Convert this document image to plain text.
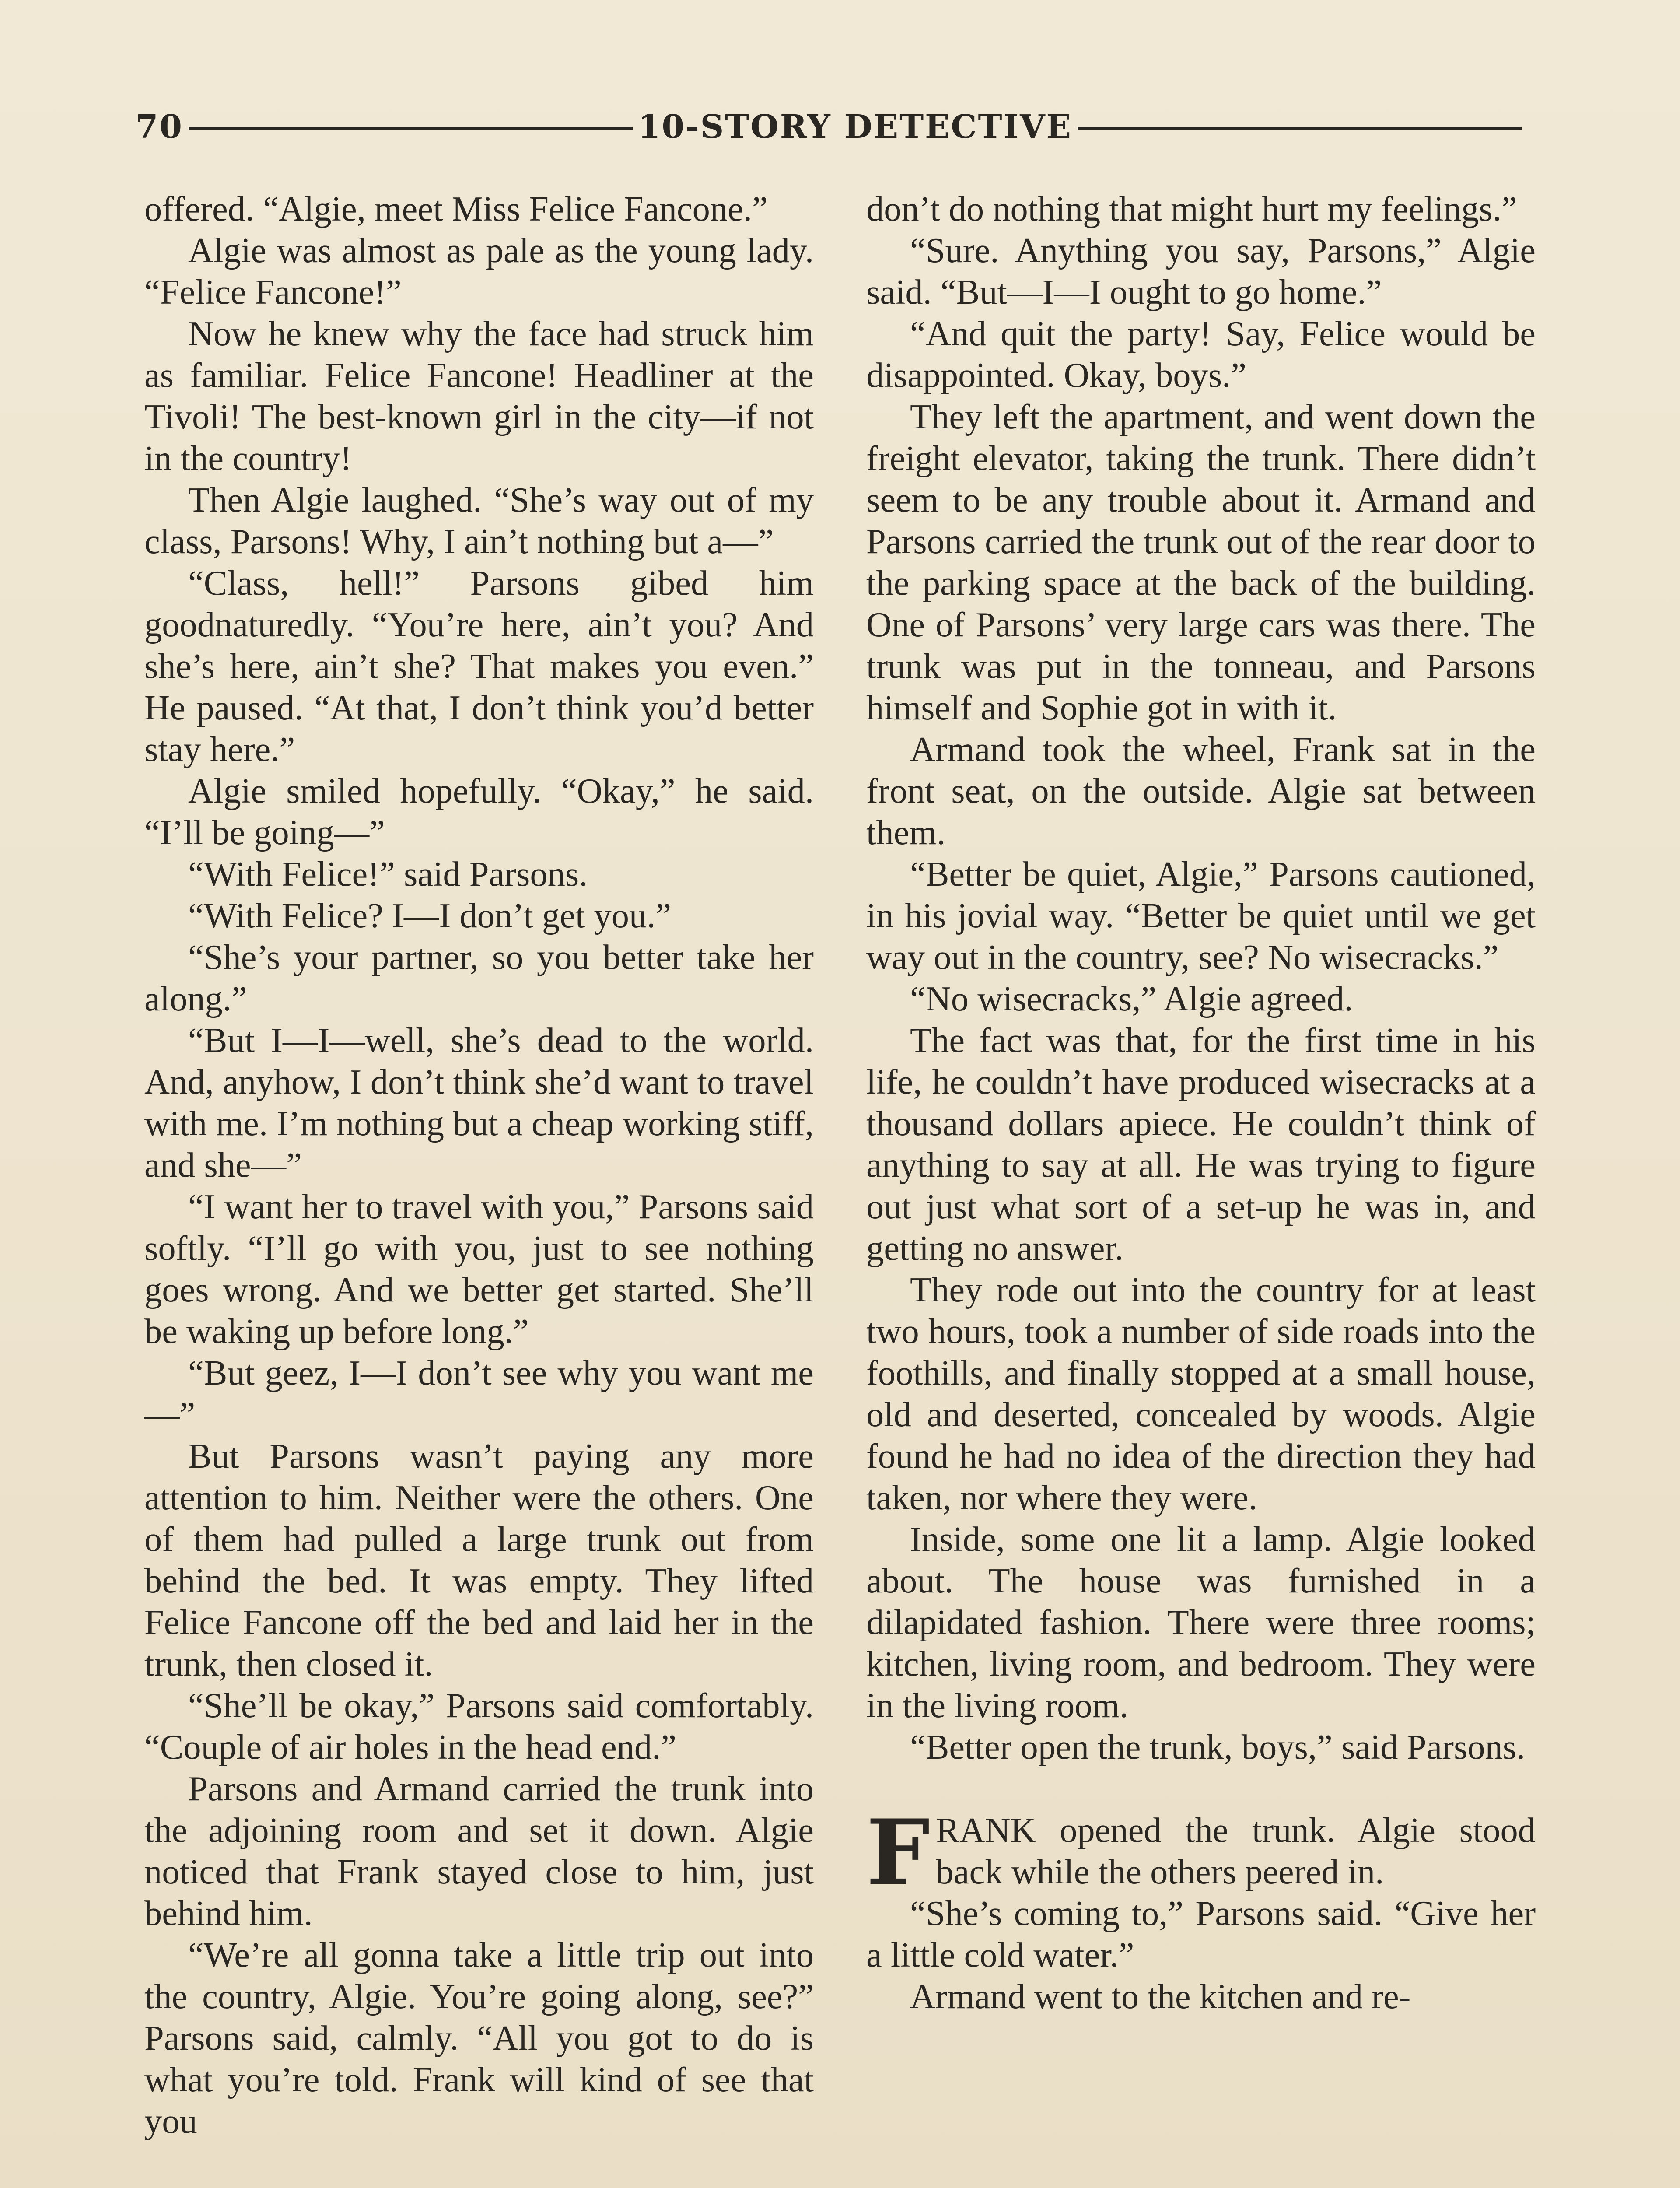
70	10-STORY DETECTIVE

offered. “Algie, meet Miss Felice Fancone.”

Algie was almost as pale as the young lady. “Felice Fancone!”

Now he knew why the face had struck him as familiar. Felice Fancone! Headliner at the Tivoli! The best-known girl in the city—if not in the country!

Then Algie laughed. “She’s way out of my class, Parsons! Why, I ain’t nothing but a—”

“Class, hell!” Parsons gibed him goodnaturedly. “You’re here, ain’t you? And she’s here, ain’t she? That makes you even.” He paused. “At that, I don’t think you’d better stay here.”

Algie smiled hopefully. “Okay,” he said. “I’ll be going—”

“With Felice!” said Parsons.

“With Felice? I—I don’t get you.”

“She’s your partner, so you better take her along.”

“But I—I—well, she’s dead to the world. And, anyhow, I don’t think she’d want to travel with me. I’m nothing but a cheap working stiff, and she—”

“I want her to travel with you,” Parsons said softly. “I’ll go with you, just to see nothing goes wrong. And we better get started. She’ll be waking up before long.”

“But geez, I—I don’t see why you want me—”

But Parsons wasn’t paying any more attention to him. Neither were the others. One of them had pulled a large trunk out from behind the bed. It was empty. They lifted Felice Fancone off the bed and laid her in the trunk, then closed it.

“She’ll be okay,” Parsons said comfortably. “Couple of air holes in the head end.”

Parsons and Armand carried the trunk into the adjoining room and set it down. Algie noticed that Frank stayed close to him, just behind him.

“We’re all gonna take a little trip out into the country, Algie. You’re going along, see?” Parsons said, calmly. “All you got to do is what you’re told. Frank will kind of see that you

don’t do nothing that might hurt my feelings.”

“Sure. Anything you say, Parsons,” Algie said. “But—I—I ought to go home.”

“And quit the party! Say, Felice would be disappointed. Okay, boys.”

They left the apartment, and went down the freight elevator, taking the trunk. There didn’t seem to be any trouble about it. Armand and Parsons carried the trunk out of the rear door to the parking space at the back of the building. One of Parsons’ very large cars was there. The trunk was put in the tonneau, and Parsons himself and Sophie got in with it.

Armand took the wheel, Frank sat in the front seat, on the outside. Algie sat between them.

“Better be quiet, Algie,” Parsons cautioned, in his jovial way. “Better be quiet until we get way out in the country, see? No wisecracks.”

“No wisecracks,” Algie agreed.

The fact was that, for the first time in his life, he couldn’t have produced wisecracks at a thousand dollars apiece. He couldn’t think of anything to say at all. He was trying to figure out just what sort of a set-up he was in, and getting no answer.

They rode out into the country for at least two hours, took a number of side roads into the foothills, and finally stopped at a small house, old and deserted, concealed by woods. Algie found he had no idea of the direction they had taken, nor where they were.

Inside, some one lit a lamp. Algie looked about. The house was furnished in a dilapidated fashion. There were three rooms; kitchen, living room, and bedroom. They were in the living room.

“Better open the trunk, boys,” said Parsons.

FRANK opened the trunk. Algie stood back while the others peered in.

“She’s coming to,” Parsons said. “Give her a little cold water.”

Armand went to the kitchen and re-
